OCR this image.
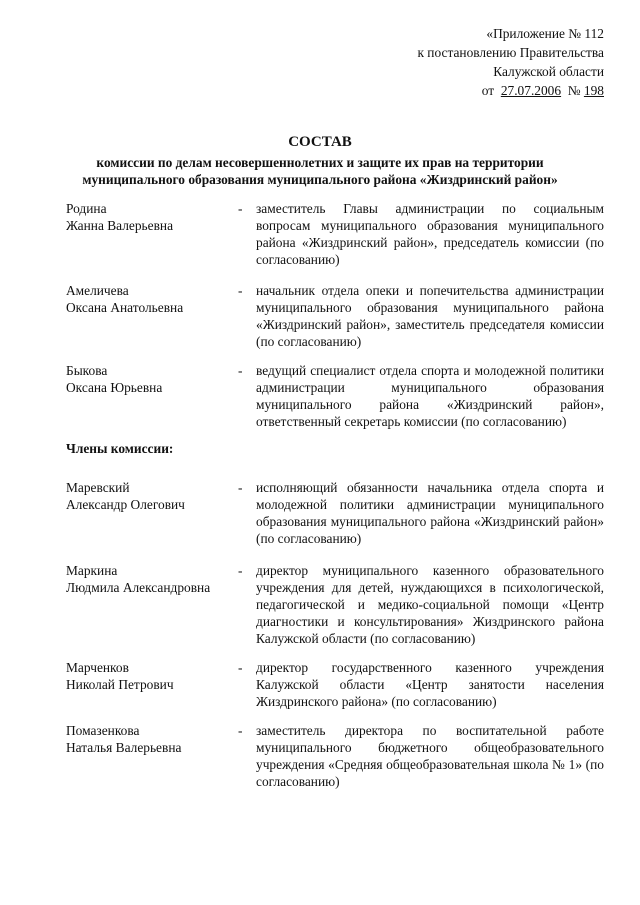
«Приложение № 112
к постановлению Правительства
Калужской области
от  27.07.2006  № 198
СОСТАВ
комиссии по делам несовершеннолетних и защите их прав на территории муниципального образования муниципального района «Жиздринский район»
Родина
Жанна Валерьевна
- заместитель Главы администрации по социальным вопросам муниципального образования муниципального района «Жиздринский район», председатель комиссии (по согласованию)
Амеличева
Оксана Анатольевна
- начальник отдела опеки и попечительства администрации муниципального образования муниципального района «Жиздринский район», заместитель председателя комиссии (по согласованию)
Быкова
Оксана Юрьевна
- ведущий специалист отдела спорта и молодежной политики администрации муниципального образования муниципального района «Жиздринский район», ответственный секретарь комиссии (по согласованию)
Члены комиссии:
Маревский
Александр Олегович
- исполняющий обязанности начальника отдела спорта и молодежной политики администрации муниципального образования муниципального района «Жиздринский район» (по согласованию)
Маркина
Людмила Александровна
- директор муниципального казенного образовательного учреждения для детей, нуждающихся в психологической, педагогической и медико-социальной помощи «Центр диагностики и консультирования» Жиздринского района Калужской области (по согласованию)
Марченков
Николай Петрович
- директор государственного казенного учреждения Калужской области «Центр занятости населения Жиздринского района» (по согласованию)
Помазенкова
Наталья Валерьевна
- заместитель директора по воспитательной работе муниципального бюджетного общеобразовательного учреждения «Средняя общеобразовательная школа № 1» (по согласованию)
